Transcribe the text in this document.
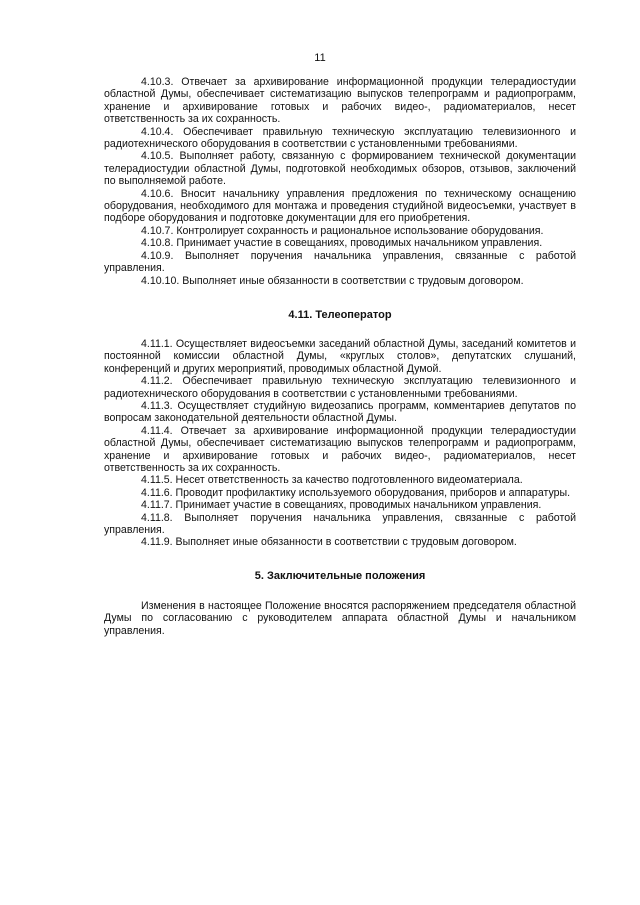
11

4.10.3. Отвечает за архивирование информационной продукции телерадиостудии областной Думы, обеспечивает систематизацию выпусков телепрограмм и радиопрограмм, хранение и архивирование готовых и рабочих видео-, радиоматериалов, несет ответственность за их сохранность.

4.10.4. Обеспечивает правильную техническую эксплуатацию телевизионного и радиотехнического оборудования в соответствии с установленными требованиями.

4.10.5. Выполняет работу, связанную с формированием технической документации телерадиостудии областной Думы, подготовкой необходимых обзоров, отзывов, заключений по выполняемой работе.

4.10.6. Вносит начальнику управления предложения по техническому оснащению оборудования, необходимого для монтажа и проведения студийной видеосъемки, участвует в подборе оборудования и подготовке документации для его приобретения.

4.10.7. Контролирует сохранность и рациональное использование оборудования.

4.10.8. Принимает участие в совещаниях, проводимых начальником управления.

4.10.9. Выполняет поручения начальника управления, связанные с работой управления.

4.10.10. Выполняет иные обязанности в соответствии с трудовым договором.

4.11. Телеоператор

4.11.1. Осуществляет видеосъемки заседаний областной Думы, заседаний комитетов и постоянной комиссии областной Думы, «круглых столов», депутатских слушаний, конференций и других мероприятий, проводимых областной Думой.

4.11.2. Обеспечивает правильную техническую эксплуатацию телевизионного и радиотехнического оборудования в соответствии с установленными требованиями.

4.11.3. Осуществляет студийную видеозапись программ, комментариев депутатов по вопросам законодательной деятельности областной Думы.

4.11.4. Отвечает за архивирование информационной продукции телерадиостудии областной Думы, обеспечивает систематизацию выпусков телепрограмм и радиопрограмм, хранение и архивирование готовых и рабочих видео-, радиоматериалов, несет ответственность за их сохранность.

4.11.5. Несет ответственность за качество подготовленного видеоматериала.

4.11.6. Проводит профилактику используемого оборудования, приборов и аппаратуры.

4.11.7. Принимает участие в совещаниях, проводимых начальником управления.

4.11.8. Выполняет поручения начальника управления, связанные с работой управления.

4.11.9. Выполняет иные обязанности в соответствии с трудовым договором.

5. Заключительные положения

Изменения в настоящее Положение вносятся распоряжением председателя областной Думы по согласованию с руководителем аппарата областной Думы и начальником управления.
